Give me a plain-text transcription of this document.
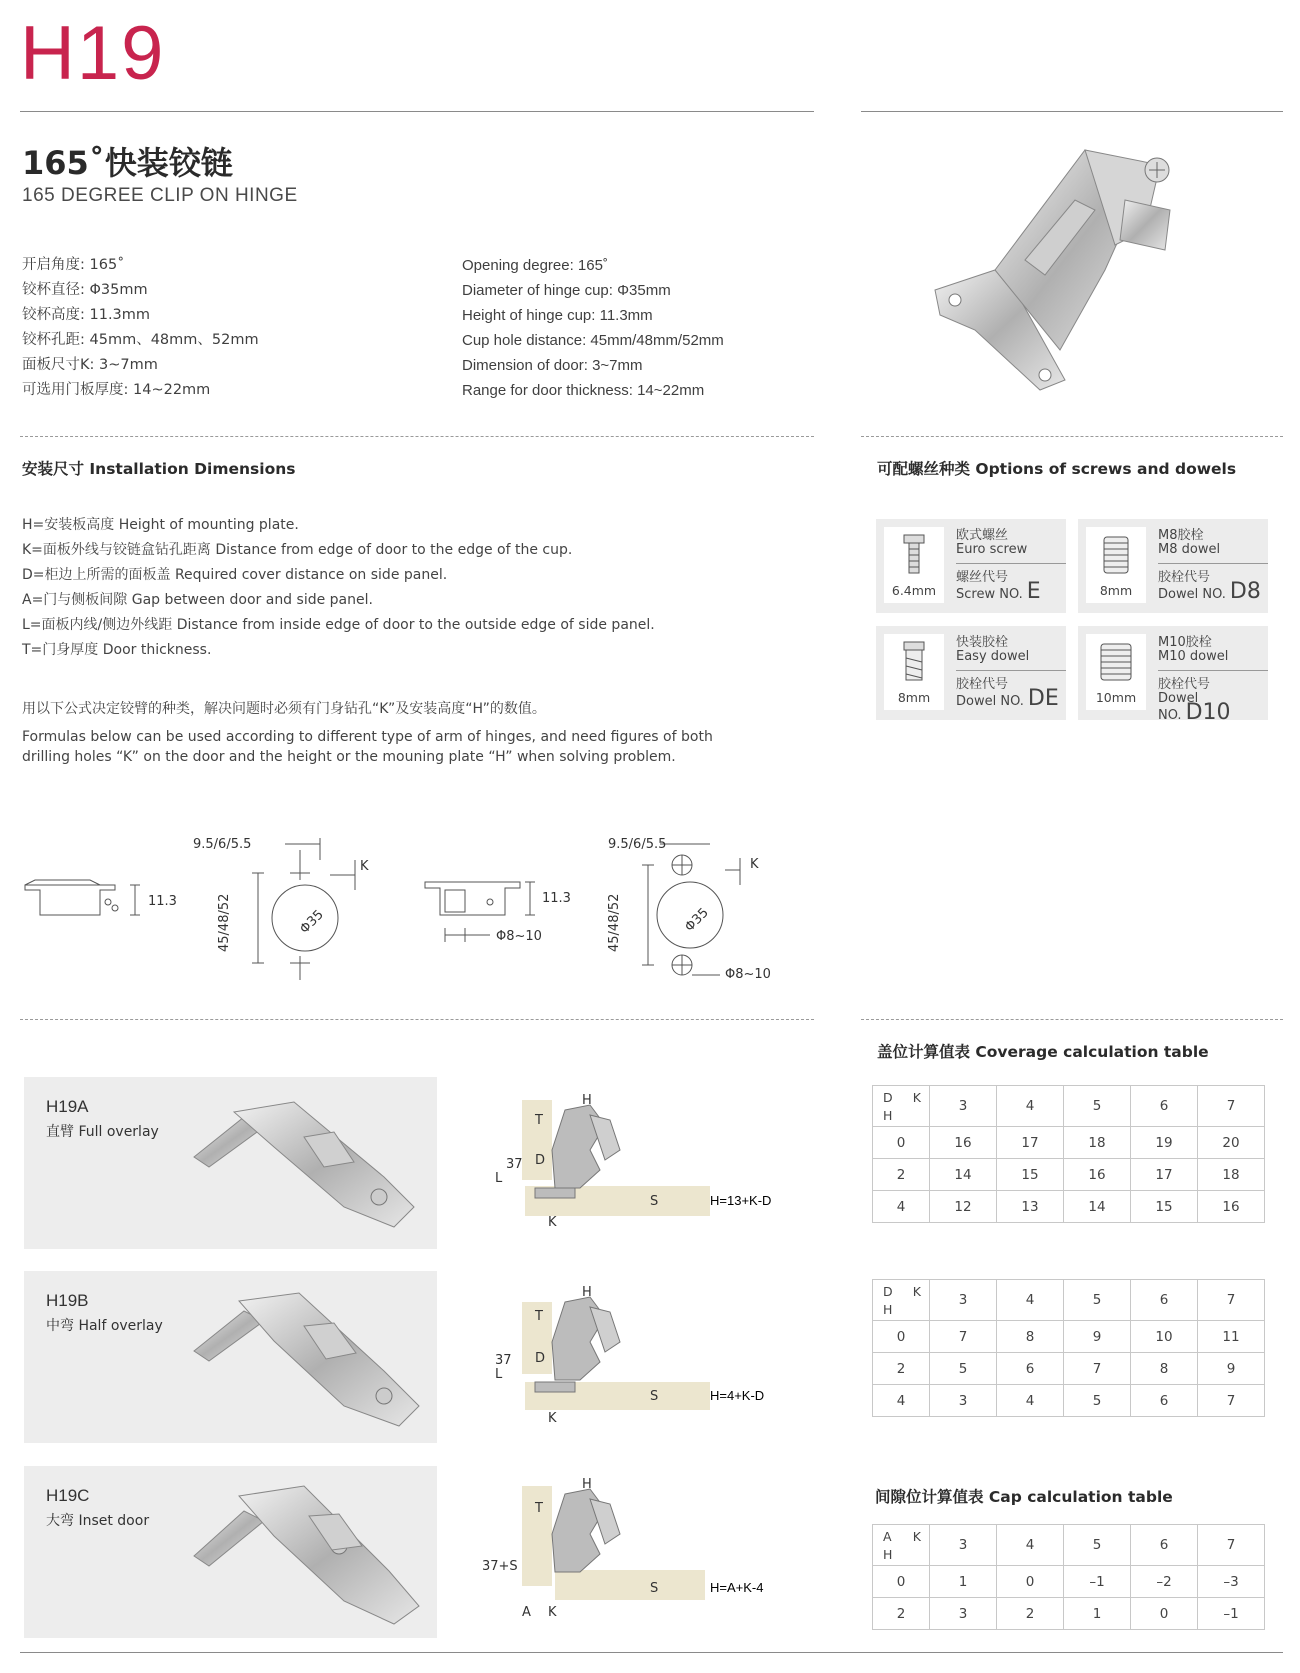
H19
165˚快装铰链
165 DEGREE CLIP ON HINGE
开启角度: 165˚
铰杯直径: Φ35mm
铰杯高度: 11.3mm
铰杯孔距: 45mm、48mm、52mm
面板尺寸K: 3~7mm
可选用门板厚度: 14~22mm
Opening degree: 165˚
Diameter of hinge cup: Φ35mm
Height of hinge cup: 11.3mm
Cup hole distance: 45mm/48mm/52mm
Dimension of door: 3~7mm
Range for door thickness: 14~22mm
安装尺寸 Installation Dimensions
H=安装板高度 Height of mounting plate.
K=面板外线与铰链盒钻孔距离 Distance from edge of door to the edge of the cup.
D=柜边上所需的面板盖 Required cover distance on side panel.
A=门与侧板间隙 Gap between door and side panel.
L=面板内线/侧边外线距 Distance from inside edge of door to the outside edge of side panel.
T=门身厚度 Door thickness.
用以下公式决定铰臂的种类，解决问题时必须有门身钻孔“K”及安装高度“H”的数值。
Formulas below can be used according to different type of arm of hinges, and need figures of both
drilling holes “K” on the door and the height or the mouning plate “H” when solving problem.
可配螺丝种类 Options of screws and dowels
6.4mm
欧式螺丝
Euro screw
螺丝代号
Screw NO. E	8mm
M8胶栓
M8 dowel
胶栓代号
Dowel NO. D8
8mm
快装胶栓
Easy dowel
胶栓代号
Dowel NO. DE	10mm
M10胶栓
M10 dowel
胶栓代号
Dowel NO. D10
11.3
9.5/6/5.5
45/48/52	Φ35
K
11.3
Φ8~10
9.5/6/5.5
45/48/52	Φ35
K
Φ8~10
H19A
直臂 Full overlay
H19B
中弯 Half overlay
H19C
大弯 Inset door
37
L
T
D
H
S
K
H=13+K-D
37
L
T
D
H
S
K
H=4+K-D
37+S
T
H
S
A K
H=A+K-4
盖位计算值表 Coverage calculation table
D K
H	3	4	5	6	7
0	16	17	18	19	20
2	14	15	16	17	18
4	12	13	14	15	16
D K
H	3	4	5	6	7
0	7	8	9	10	11
2	5	6	7	8	9
4	3	4	5	6	7
间隙位计算值表 Cap calculation table
A K
H	3	4	5	6	7
0	1	0	–1	–2	–3
2	3	2	1	0	–1
